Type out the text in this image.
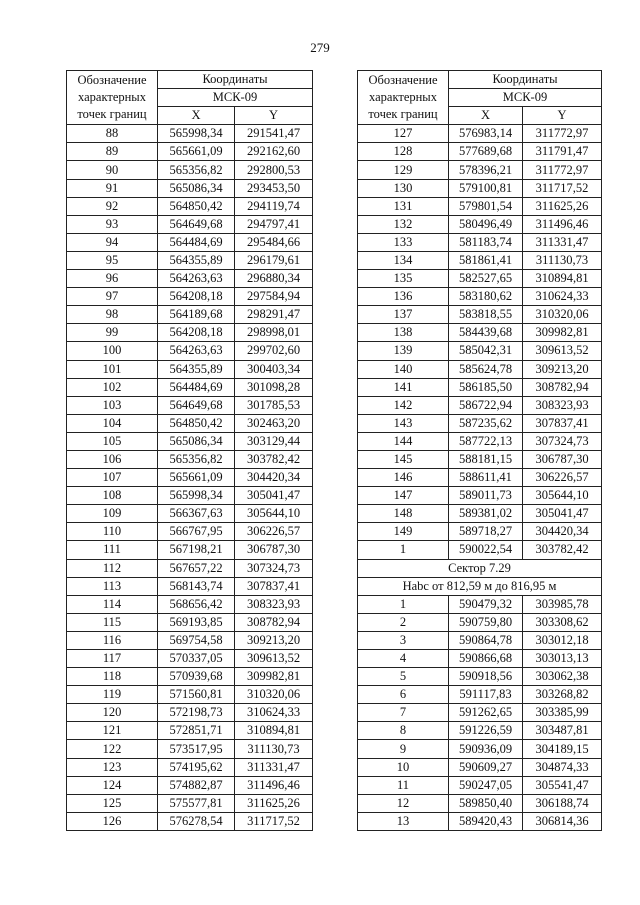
279
Обозначение
характерных
точек границ	Координаты	
	МСК-09	
	X	Y
88	565998,34	291541,47
89	565661,09	292162,60
90	565356,82	292800,53
91	565086,34	293453,50
92	564850,42	294119,74
93	564649,68	294797,41
94	564484,69	295484,66
95	564355,89	296179,61
96	564263,63	296880,34
97	564208,18	297584,94
98	564189,68	298291,47
99	564208,18	298998,01
100	564263,63	299702,60
101	564355,89	300403,34
102	564484,69	301098,28
103	564649,68	301785,53
104	564850,42	302463,20
105	565086,34	303129,44
106	565356,82	303782,42
107	565661,09	304420,34
108	565998,34	305041,47
109	566367,63	305644,10
110	566767,95	306226,57
111	567198,21	306787,30
112	567657,22	307324,73
113	568143,74	307837,41
114	568656,42	308323,93
115	569193,85	308782,94
116	569754,58	309213,20
117	570337,05	309613,52
118	570939,68	309982,81
119	571560,81	310320,06
120	572198,73	310624,33
121	572851,71	310894,81
122	573517,95	311130,73
123	574195,62	311331,47
124	574882,87	311496,46
125	575577,81	311625,26
126	576278,54	311717,52
Обозначение
характерных
точек границ	Координаты	
	МСК-09	
	X	Y
127	576983,14	311772,97
128	577689,68	311791,47
129	578396,21	311772,97
130	579100,81	311717,52
131	579801,54	311625,26
132	580496,49	311496,46
133	581183,74	311331,47
134	581861,41	311130,73
135	582527,65	310894,81
136	583180,62	310624,33
137	583818,55	310320,06
138	584439,68	309982,81
139	585042,31	309613,52
140	585624,78	309213,20
141	586185,50	308782,94
142	586722,94	308323,93
143	587235,62	307837,41
144	587722,13	307324,73
145	588181,15	306787,30
146	588611,41	306226,57
147	589011,73	305644,10
148	589381,02	305041,47
149	589718,27	304420,34
1	590022,54	303782,42
Сектор 7.29		
Нabc от 812,59 м до 816,95 м		
1	590479,32	303985,78
2	590759,80	303308,62
3	590864,78	303012,18
4	590866,68	303013,13
5	590918,56	303062,38
6	591117,83	303268,82
7	591262,65	303385,99
8	591226,59	303487,81
9	590936,09	304189,15
10	590609,27	304874,33
11	590247,05	305541,47
12	589850,40	306188,74
13	589420,43	306814,36
